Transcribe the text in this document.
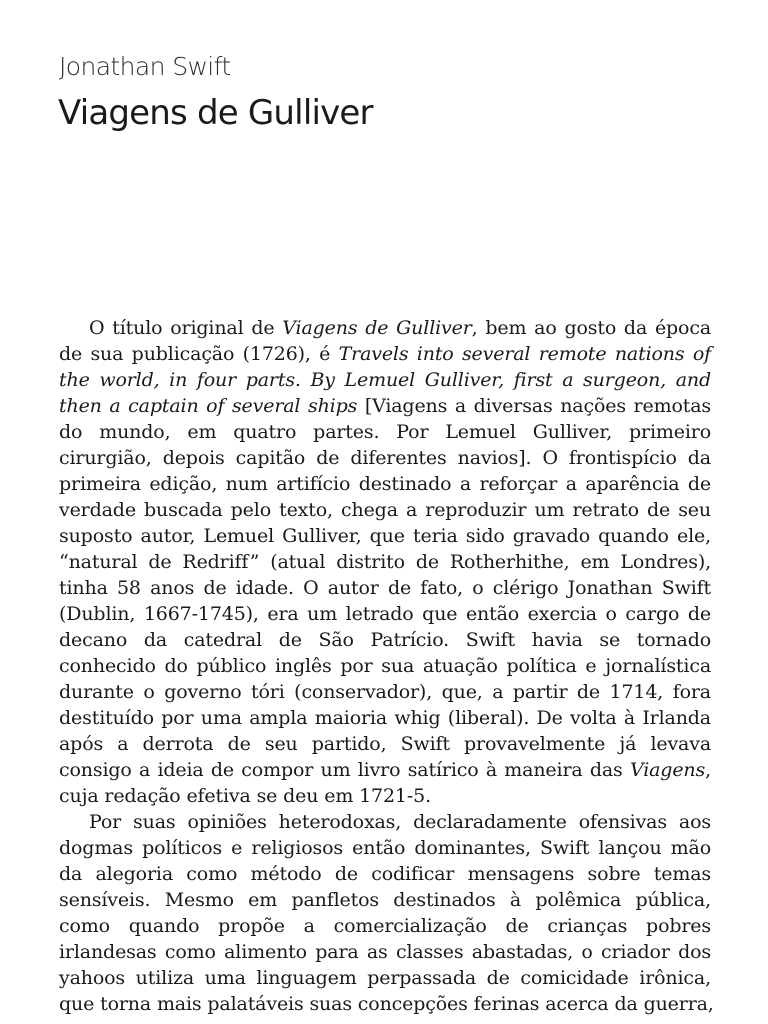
Jonathan Swift
Viagens de Gulliver
O título original de Viagens de Gulliver, bem ao gosto da época
de sua publicação (1726), é Travels into several remote nations of
the world, in four parts. By Lemuel Gulliver, first a surgeon, and
then a captain of several ships [Viagens a diversas nações remotas
do mundo, em quatro partes. Por Lemuel Gulliver, primeiro
cirurgião, depois capitão de diferentes navios]. O frontispício da
primeira edição, num artifício destinado a reforçar a aparência de
verdade buscada pelo texto, chega a reproduzir um retrato de seu
suposto autor, Lemuel Gulliver, que teria sido gravado quando ele,
“natural de Redriff” (atual distrito de Rotherhithe, em Londres),
tinha 58 anos de idade. O autor de fato, o clérigo Jonathan Swift
(Dublin, 1667-1745), era um letrado que então exercia o cargo de
decano da catedral de São Patrício. Swift havia se tornado
conhecido do público inglês por sua atuação política e jornalística
durante o governo tóri (conservador), que, a partir de 1714, fora
destituído por uma ampla maioria whig (liberal). De volta à Irlanda
após a derrota de seu partido, Swift provavelmente já levava
consigo a ideia de compor um livro satírico à maneira das Viagens,
cuja redação efetiva se deu em 1721-5.
Por suas opiniões heterodoxas, declaradamente ofensivas aos
dogmas políticos e religiosos então dominantes, Swift lançou mão
da alegoria como método de codificar mensagens sobre temas
sensíveis. Mesmo em panfletos destinados à polêmica pública,
como quando propõe a comercialização de crianças pobres
irlandesas como alimento para as classes abastadas, o criador dos
yahoos utiliza uma linguagem perpassada de comicidade irônica,
que torna mais palatáveis suas concepções ferinas acerca da guerra,
